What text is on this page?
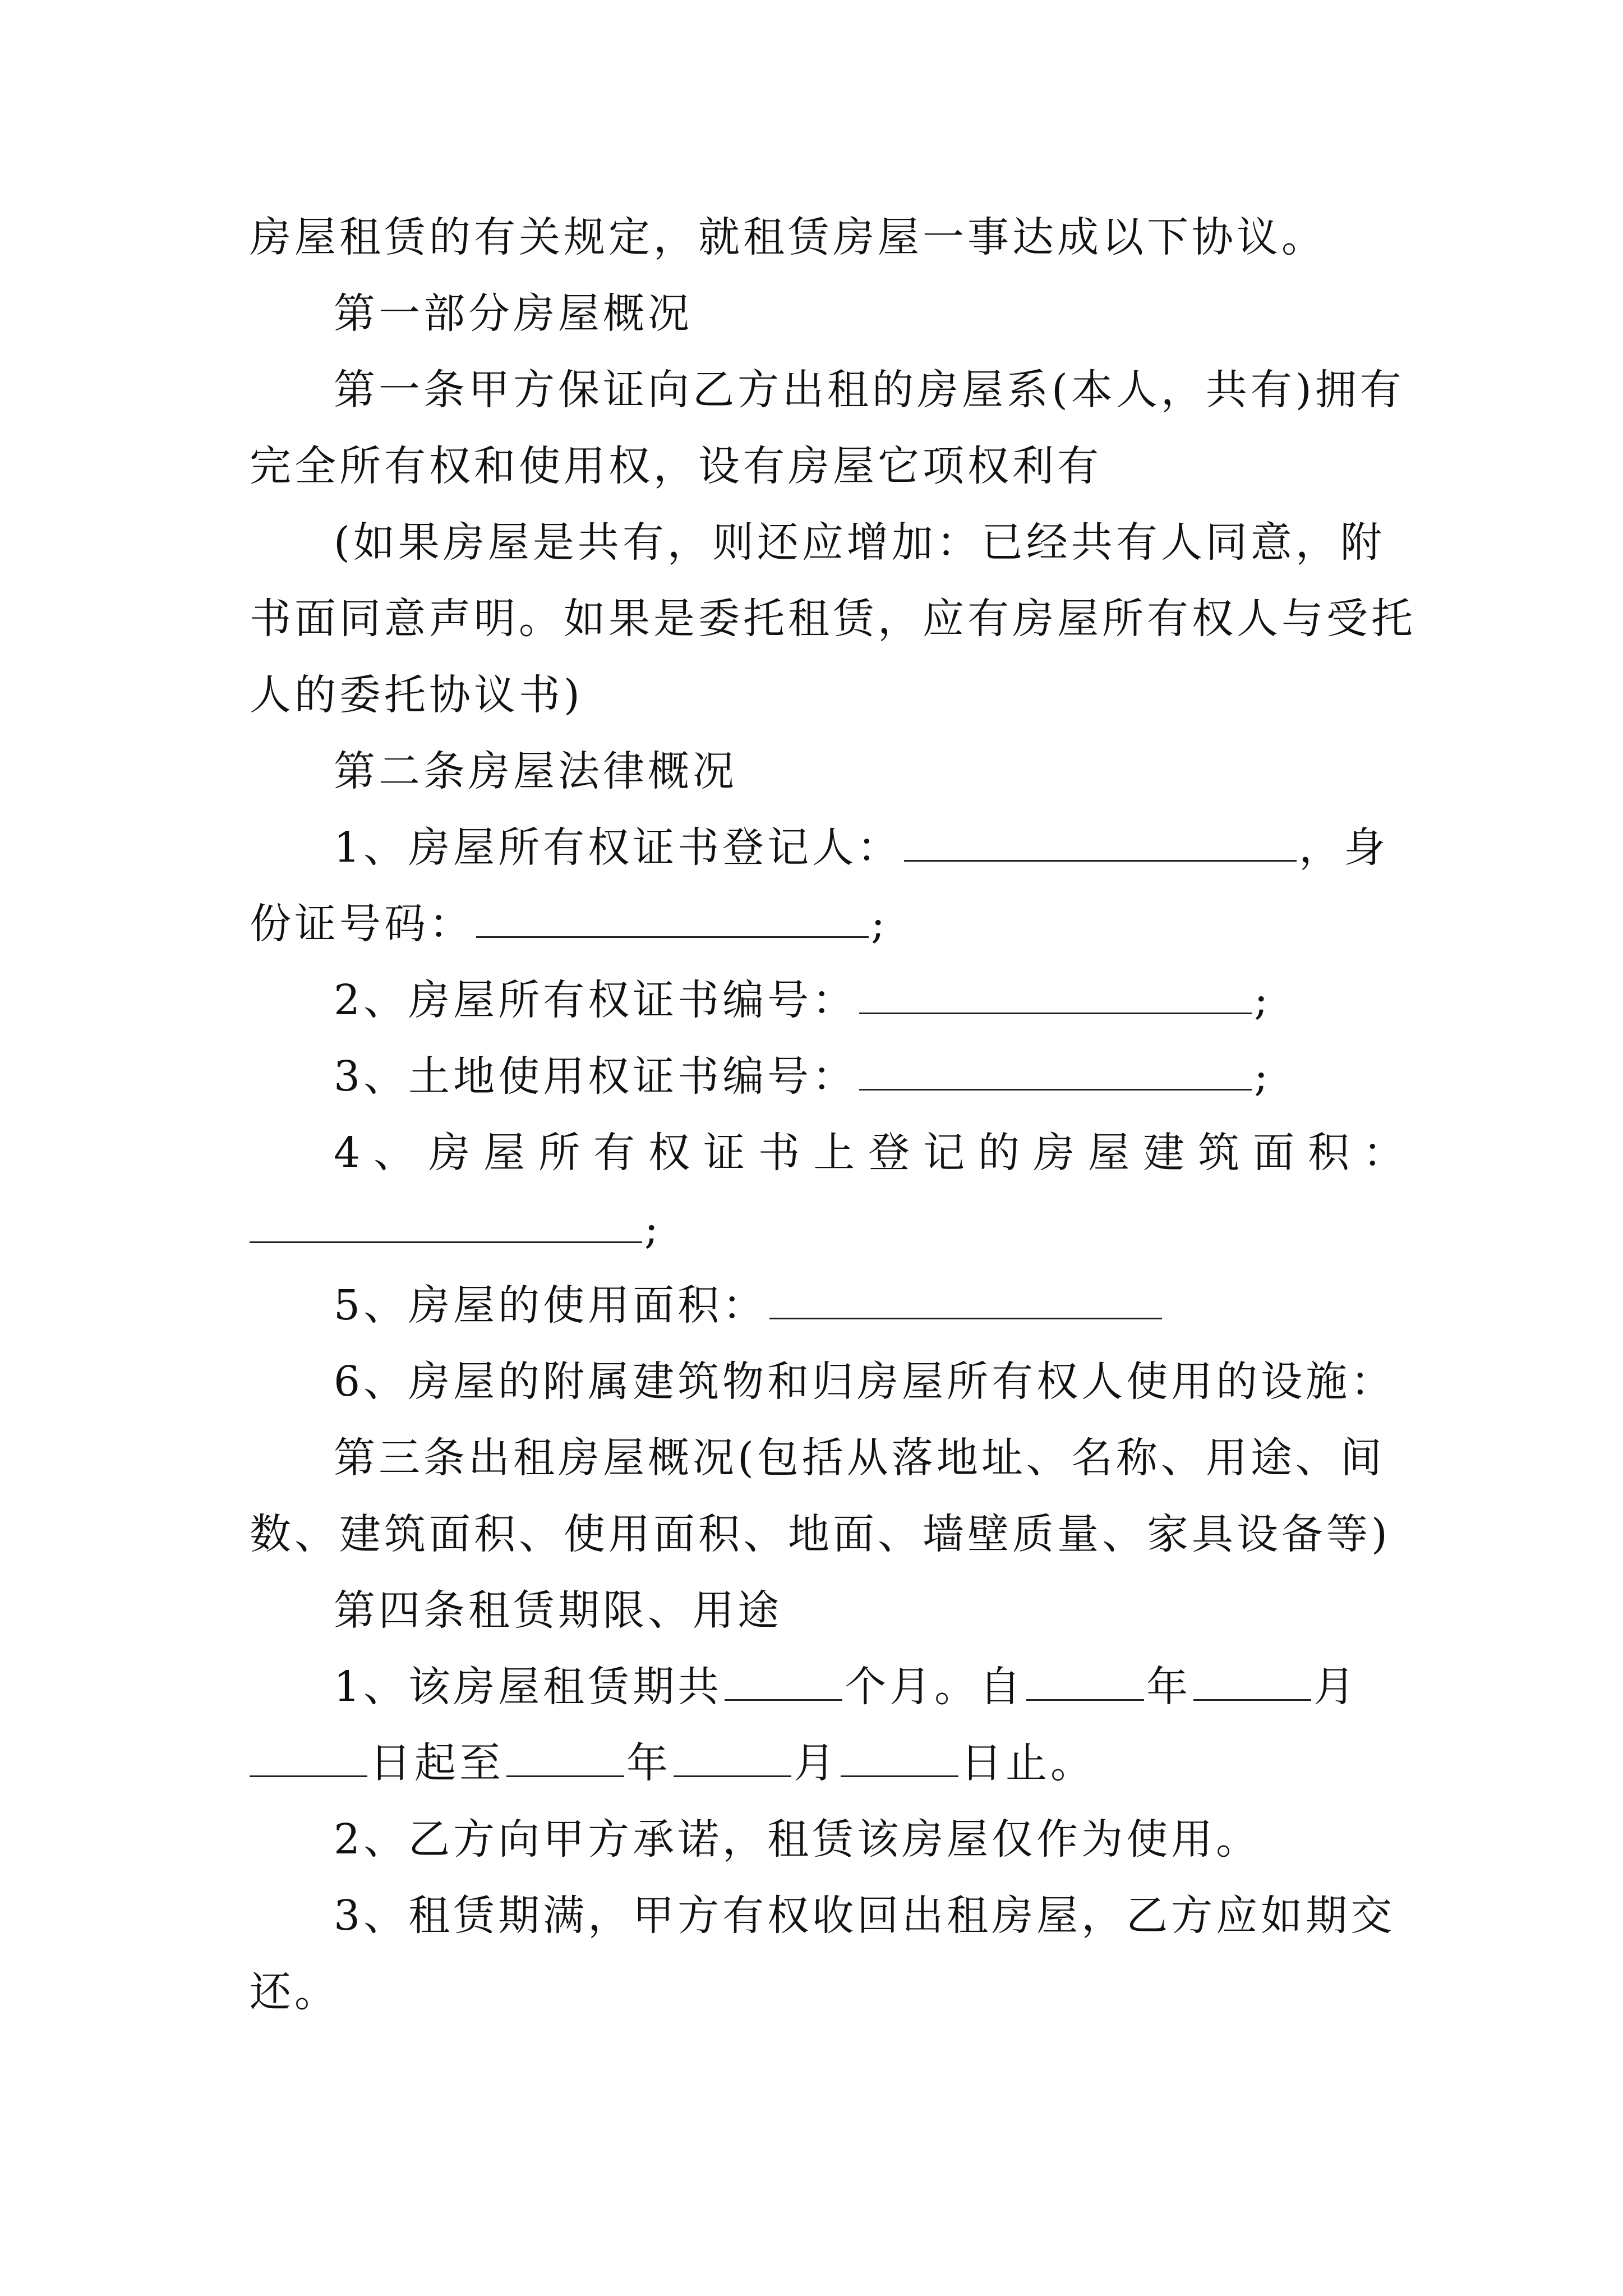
房屋租赁的有关规定，就租赁房屋一事达成以下协议。
第一部分房屋概况
第一条甲方保证向乙方出租的房屋系(本人，共有)拥有
完全所有权和使用权，设有房屋它项权利有
(如果房屋是共有，则还应增加：已经共有人同意，附
书面同意声明。如果是委托租赁，应有房屋所有权人与受托
人的委托协议书)
第二条房屋法律概况
1、房屋所有权证书登记人：	，身
份证号码：	;
2、房屋所有权证书编号：	;
3、土地使用权证书编号：	;
4、房屋所有权证书上登记的房屋建筑面积：
;
5、房屋的使用面积：
6、房屋的附属建筑物和归房屋所有权人使用的设施：
第三条出租房屋概况(包括从落地址、名称、用途、间
数、建筑面积、使用面积、地面、墙壁质量、家具设备等)
第四条租赁期限、用途
1、该房屋租赁期共	个月。自	年	月
日起至	年	月	日止。
2、乙方向甲方承诺，租赁该房屋仅作为使用。
3、租赁期满，甲方有权收回出租房屋，乙方应如期交
还。
